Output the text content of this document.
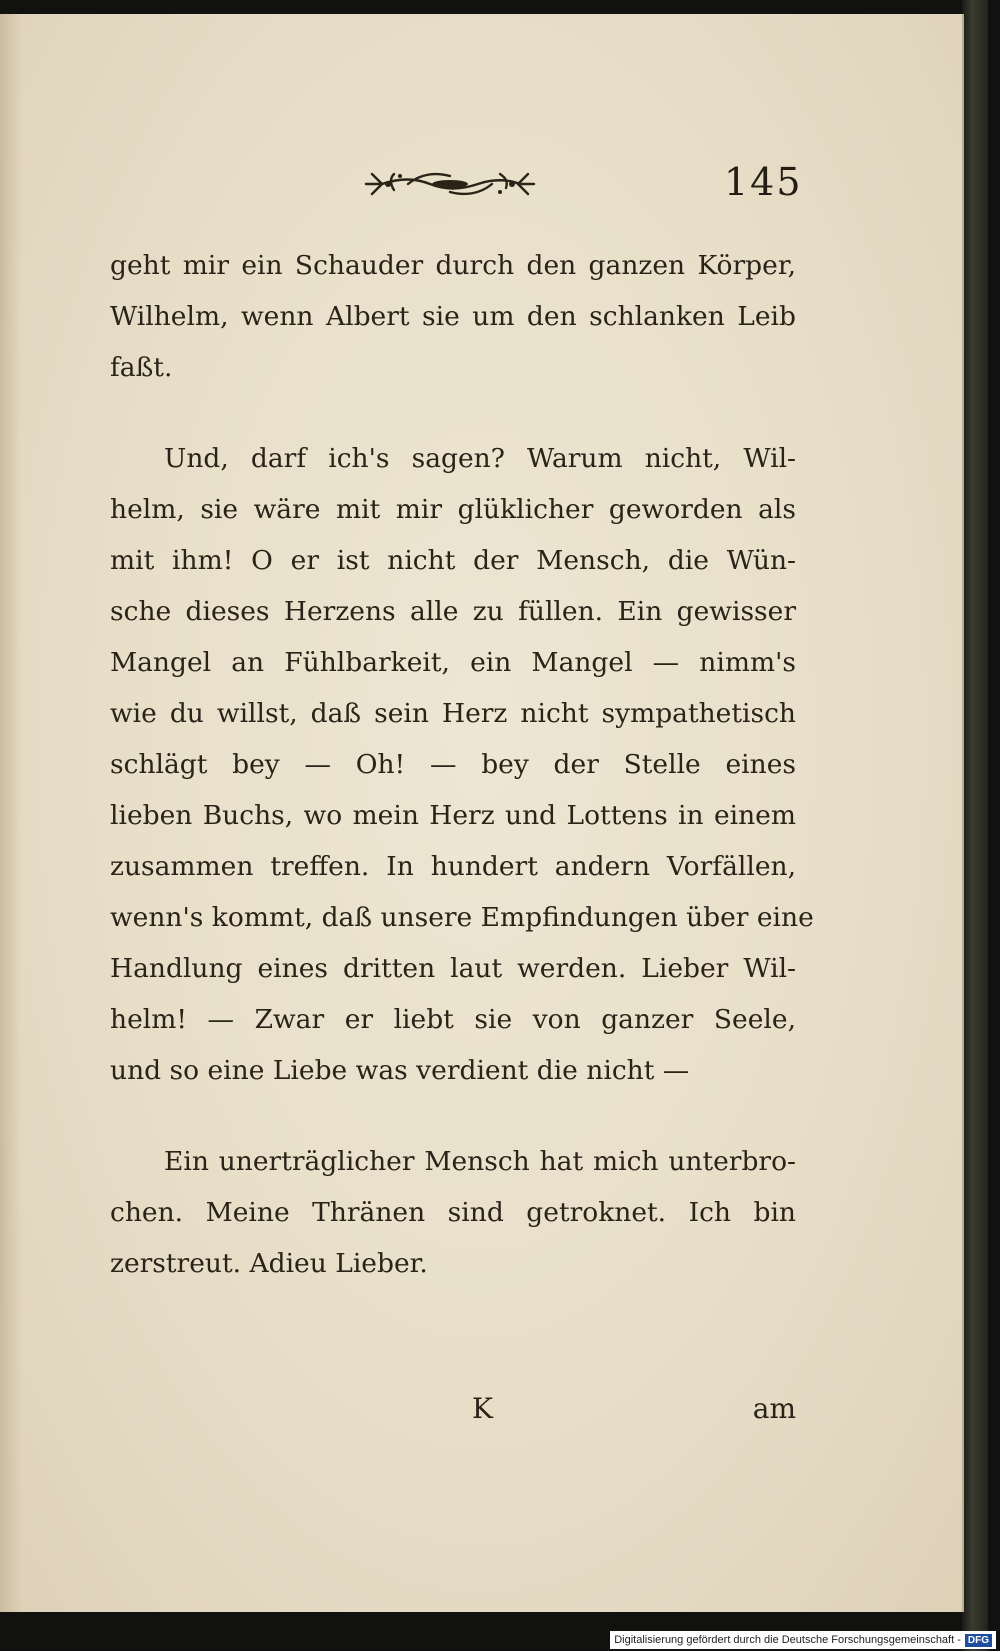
145

geht mir ein Schauder durch den ganzen Körper,
Wilhelm, wenn Albert sie um den schlanken Leib
faßt.

Und, darf ich's sagen? Warum nicht, Wil-
helm, sie wäre mit mir glüklicher geworden als
mit ihm! O er ist nicht der Mensch, die Wün-
sche dieses Herzens alle zu füllen. Ein gewisser
Mangel an Fühlbarkeit, ein Mangel — nimm's
wie du willst, daß sein Herz nicht sympathetisch
schlägt bey — Oh! — bey der Stelle eines
lieben Buchs, wo mein Herz und Lottens in einem
zusammen treffen. In hundert andern Vorfällen,
wenn's kommt, daß unsere Empfindungen über eine
Handlung eines dritten laut werden. Lieber Wil-
helm! — Zwar er liebt sie von ganzer Seele,
und so eine Liebe was verdient die nicht —

Ein unerträglicher Mensch hat mich unterbro-
chen. Meine Thränen sind getroknet. Ich bin
zerstreut. Adieu Lieber.

K	am
Digitalisierung gefördert durch die Deutsche Forschungsgemeinschaft - DFG
